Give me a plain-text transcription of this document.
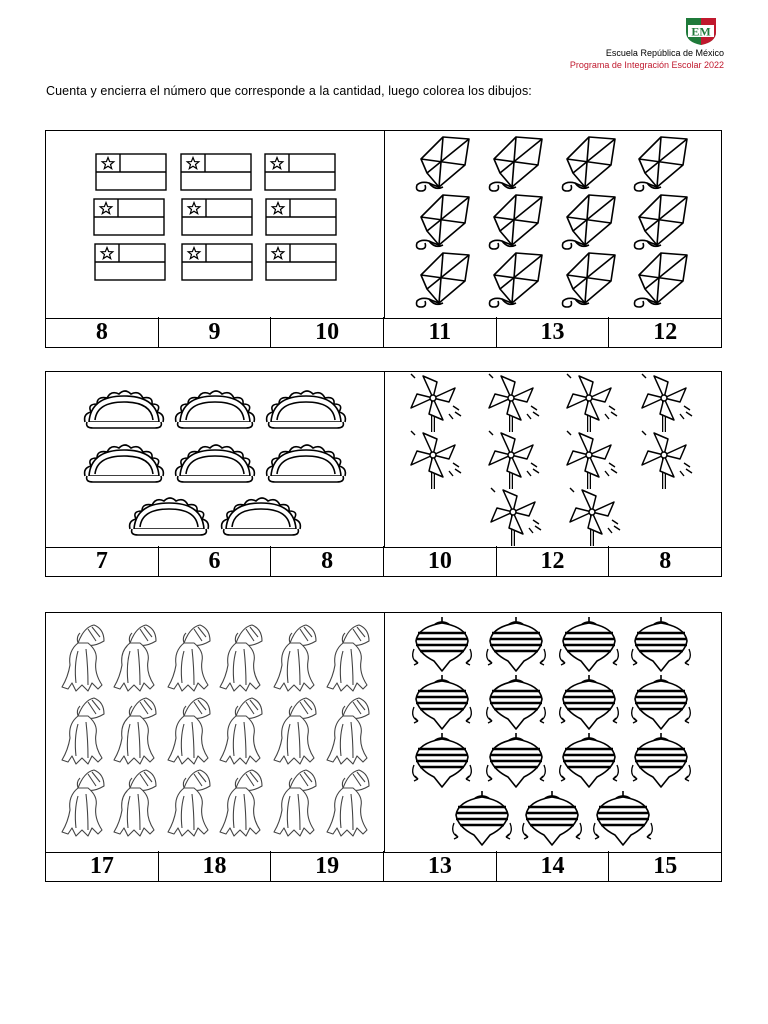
EM
Escuela República de México
Programa de Integración Escolar 2022
Cuenta y encierra el número que corresponde a la cantidad, luego colorea los dibujos:
8	9	10	11	13	12
7	6	8	10	12	8
17	18	19	13	14	15
